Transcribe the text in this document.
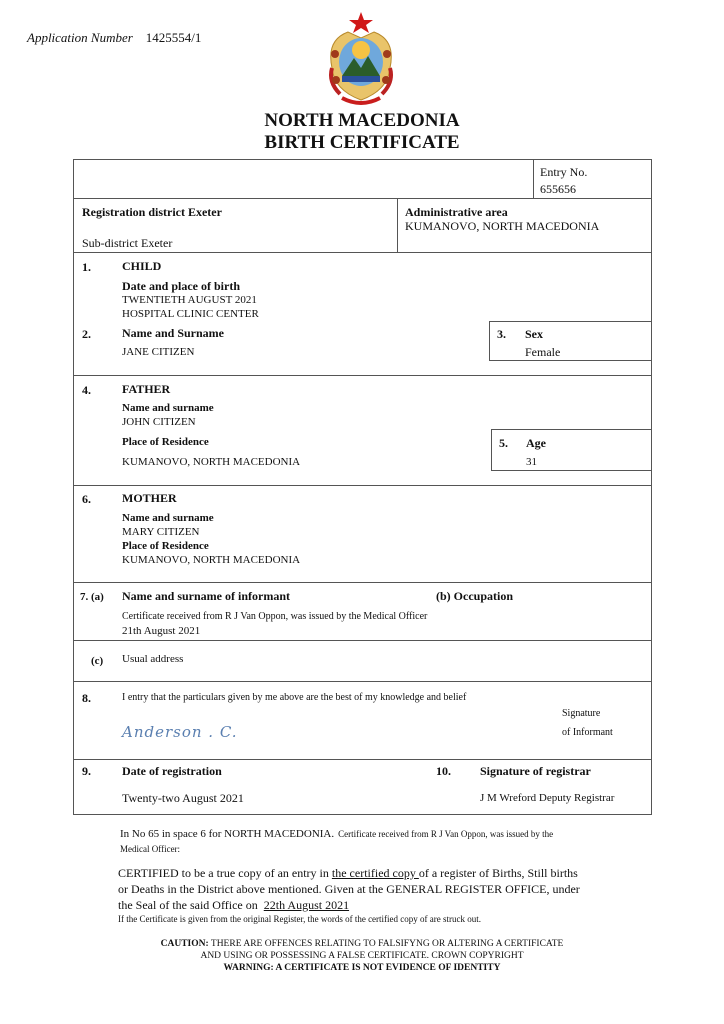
Application Number 1425554/1
NORTH MACEDONIA
BIRTH CERTIFICATE
Entry No.
655656
Registration district Exeter
Sub-district Exeter
Administrative area
KUMANOVO, NORTH MACEDONIA
1.	CHILD
Date and place of birth
TWENTIETH AUGUST 2021
HOSPITAL CLINIC CENTER
2.	Name and Surname
JANE CITIZEN
3. Sex
Female
4.	FATHER
Name and surname
JOHN CITIZEN
Place of Residence
KUMANOVO, NORTH MACEDONIA
5. Age
31
6.	MOTHER
Name and surname
MARY CITIZEN
Place of Residence
KUMANOVO, NORTH MACEDONIA
7. (a) Name and surname of informant	(b) Occupation
Certificate received from R J Van Oppon, was issued by the Medical Officer
21th August 2021
(c) Usual address
8.	I entry that the particulars given by me above are the best of my knowledge and belief
Anderson . C.
Signature
of Informant
9.	Date of registration
Twenty-two August 2021
10. Signature of registrar
J M Wreford Deputy Registrar
In No 65 in space 6 for NORTH MACEDONIA. Certificate received from R J Van Oppon, was issued by the
Medical Officer:
CERTIFIED to be a true copy of an entry in the certified copy of a register of Births, Still births
or Deaths in the District above mentioned. Given at the GENERAL REGISTER OFFICE, under
the Seal of the said Office on 22th August 2021
If the Certificate is given from the original Register, the words of the certified copy of are struck out.
CAUTION: THERE ARE OFFENCES RELATING TO FALSIFYNG OR ALTERING A CERTIFICATE
AND USING OR POSSESSING A FALSE CERTIFICATE. CROWN COPYRIGHT
WARNING: A CERTIFICATE IS NOT EVIDENCE OF IDENTITY
